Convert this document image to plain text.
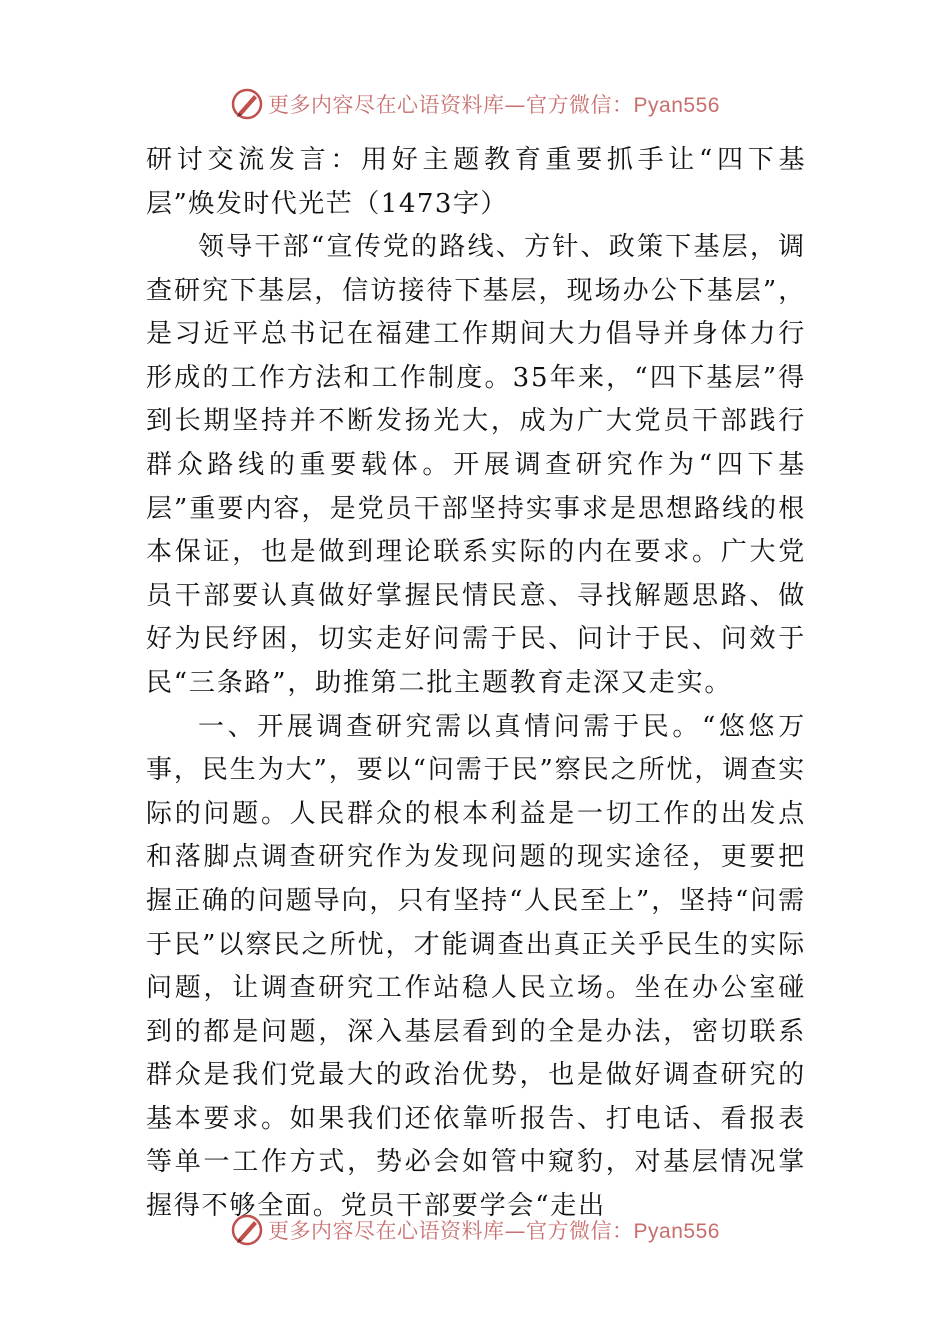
更多内容尽在心语资料库—官方微信：Pyan556
研讨交流发言：用好主题教育重要抓手让“四下基层”焕发时代光芒（1473字）

领导干部“宣传党的路线、方针、政策下基层，调查研究下基层，信访接待下基层，现场办公下基层”，是习近平总书记在福建工作期间大力倡导并身体力行形成的工作方法和工作制度。35年来，“四下基层”得到长期坚持并不断发扬光大，成为广大党员干部践行群众路线的重要载体。开展调查研究作为“四下基层”重要内容，是党员干部坚持实事求是思想路线的根本保证，也是做到理论联系实际的内在要求。广大党员干部要认真做好掌握民情民意、寻找解题思路、做好为民纾困，切实走好问需于民、问计于民、问效于民“三条路”，助推第二批主题教育走深又走实。

一、开展调查研究需以真情问需于民。“悠悠万事，民生为大”，要以“问需于民”察民之所忧，调查实际的问题。人民群众的根本利益是一切工作的出发点和落脚点调查研究作为发现问题的现实途径，更要把握正确的问题导向，只有坚持“人民至上”，坚持“问需于民”以察民之所忧，才能调查出真正关乎民生的实际问题，让调查研究工作站稳人民立场。坐在办公室碰到的都是问题，深入基层看到的全是办法，密切联系群众是我们党最大的政治优势，也是做好调查研究的基本要求。如果我们还依靠听报告、打电话、看报表等单一工作方式，势必会如管中窥豹，对基层情况掌握得不够全面。党员干部要学会“走出

更多内容尽在心语资料库—官方微信：Pyan556
